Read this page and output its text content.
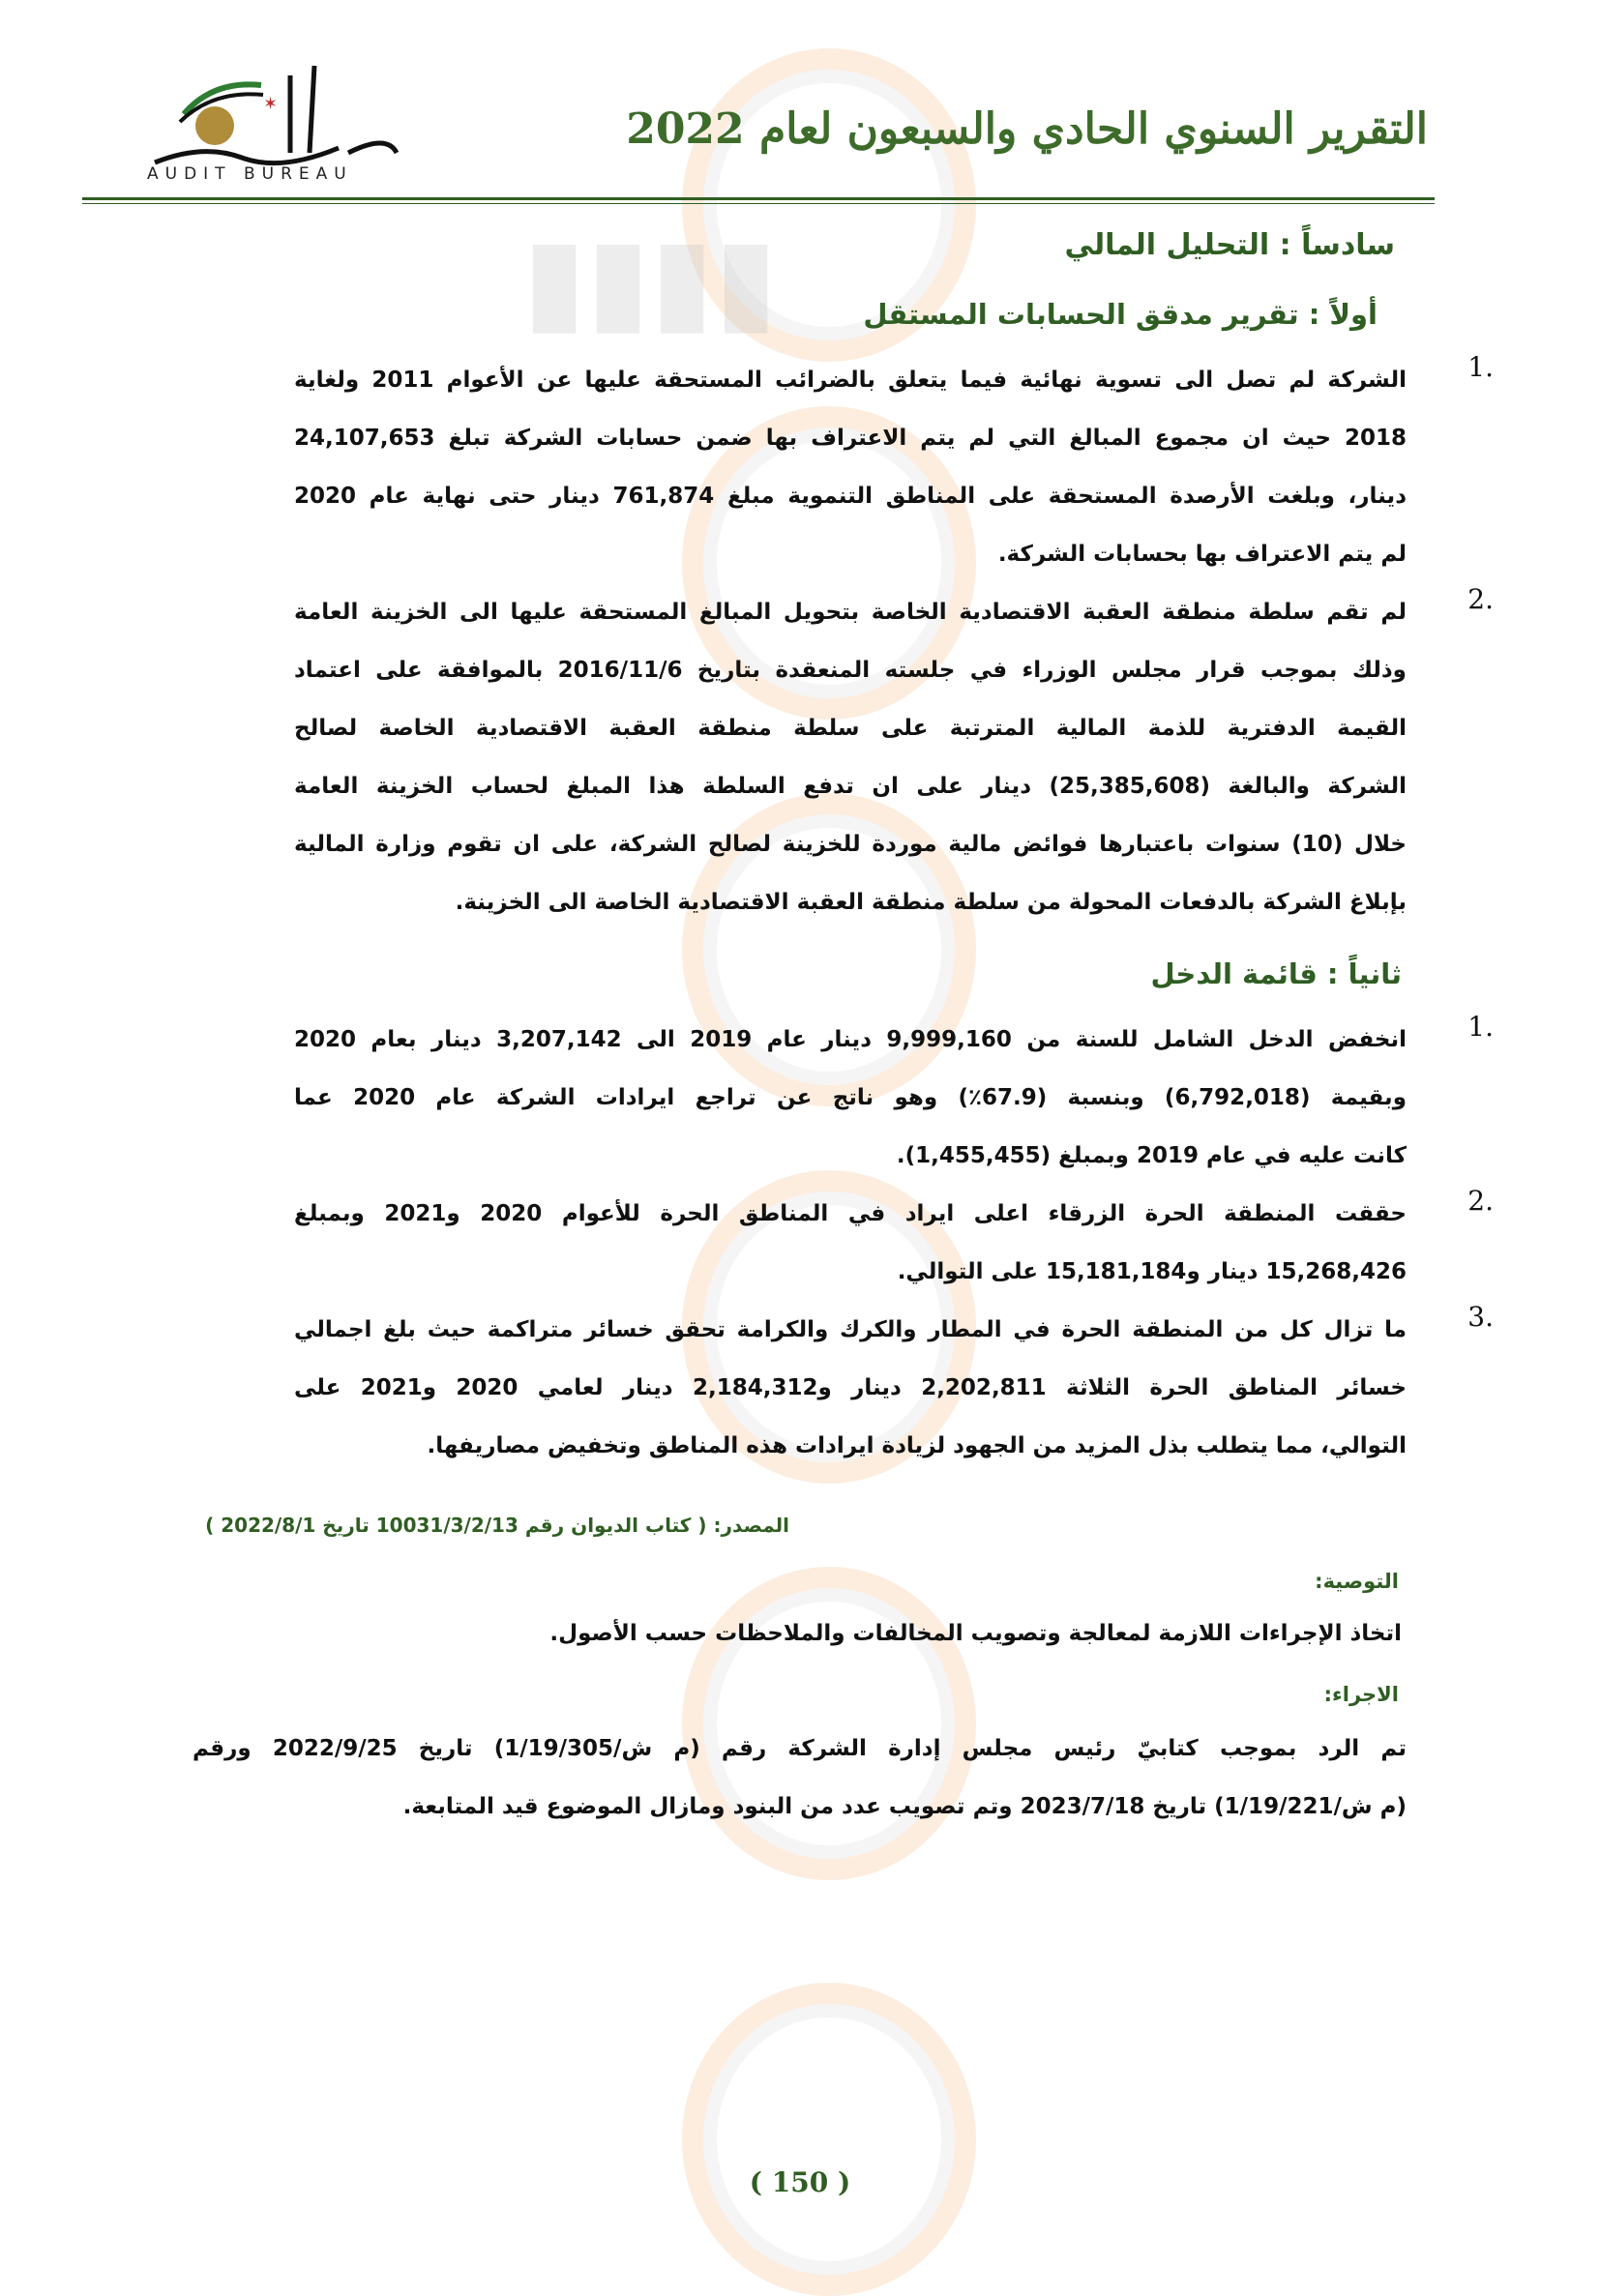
▮▮▮▮
✶
AUDIT BUREAU
التقرير السنوي الحادي والسبعون لعام 2022
سادساً : التحليل المالي
أولاً : تقرير مدقق الحسابات المستقل
1.
الشركة لم تصل الى تسوية نهائية فيما يتعلق بالضرائب المستحقة عليها عن الأعوام 2011 ولغاية
2018 حيث ان مجموع المبالغ التي لم يتم الاعتراف بها ضمن حسابات الشركة تبلغ 24,107,653
دينار، وبلغت الأرصدة المستحقة على المناطق التنموية مبلغ 761,874 دينار حتى نهاية عام 2020
لم يتم الاعتراف بها بحسابات الشركة.
2.
لم تقم سلطة منطقة العقبة الاقتصادية الخاصة بتحويل المبالغ المستحقة عليها الى الخزينة العامة
وذلك بموجب قرار مجلس الوزراء في جلسته المنعقدة بتاريخ 2016/11/6 بالموافقة على اعتماد
القيمة الدفترية للذمة المالية المترتبة على سلطة منطقة العقبة الاقتصادية الخاصة لصالح
الشركة والبالغة (25,385,608) دينار على ان تدفع السلطة هذا المبلغ لحساب الخزينة العامة
خلال (10) سنوات باعتبارها فوائض مالية موردة للخزينة لصالح الشركة، على ان تقوم وزارة المالية
بإبلاغ الشركة بالدفعات المحولة من سلطة منطقة العقبة الاقتصادية الخاصة الى الخزينة.
ثانياً : قائمة الدخل
1.
انخفض الدخل الشامل للسنة من 9,999,160 دينار عام 2019 الى 3,207,142 دينار بعام 2020
وبقيمة (6,792,018) وبنسبة (67.9٪) وهو ناتج عن تراجع ايرادات الشركة عام 2020 عما
كانت عليه في عام 2019 وبمبلغ (1,455,455).
2.
حققت المنطقة الحرة الزرقاء اعلى ايراد في المناطق الحرة للأعوام 2020 و2021 وبمبلغ
15,268,426 دينار و15,181,184 على التوالي.
3.
ما تزال كل من المنطقة الحرة في المطار والكرك والكرامة تحقق خسائر متراكمة حيث بلغ اجمالي
خسائر المناطق الحرة الثلاثة 2,202,811 دينار و2,184,312 دينار لعامي 2020 و2021 على
التوالي، مما يتطلب بذل المزيد من الجهود لزيادة ايرادات هذه المناطق وتخفيض مصاريفها.
المصدر: ( كتاب الديوان رقم 10031/3/2/13 تاريخ 2022/8/1 )
التوصية:
اتخاذ الإجراءات اللازمة لمعالجة وتصويب المخالفات والملاحظات حسب الأصول.
الاجراء:
تم الرد بموجب كتابيّ رئيس مجلس إدارة الشركة رقم (م ش/1/19/305) تاريخ 2022/9/25 ورقم
(م ش/1/19/221) تاريخ 2023/7/18 وتم تصويب عدد من البنود ومازال الموضوع قيد المتابعة.
( 150 )
